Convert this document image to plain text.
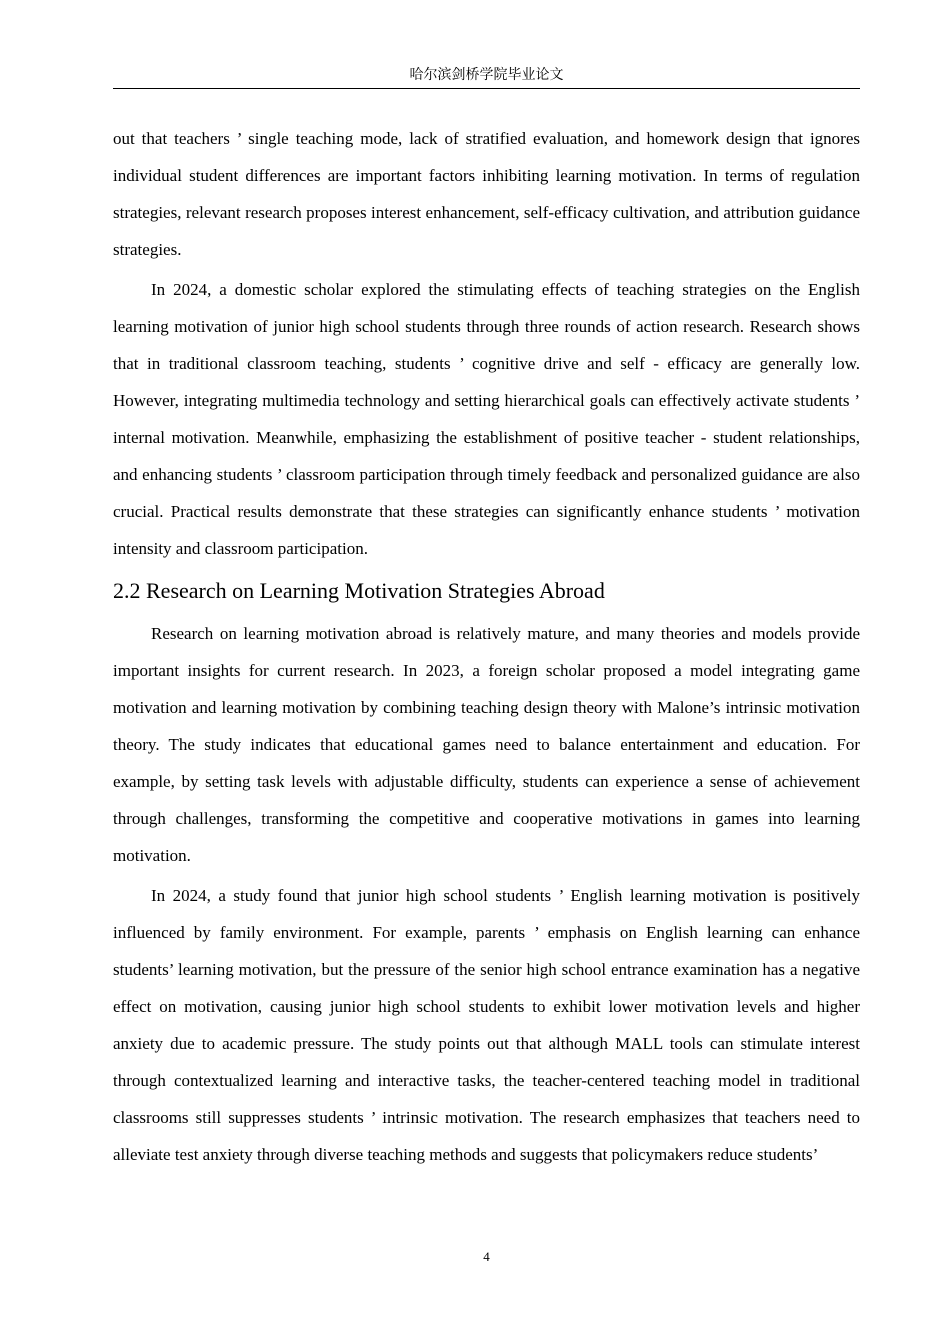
哈尔滨剑桥学院毕业论文

out that teachers ’ single teaching mode, lack of stratified evaluation, and homework design that ignores individual student differences are important factors inhibiting learning motivation. In terms of regulation strategies, relevant research proposes interest enhancement, self-efficacy cultivation, and attribution guidance strategies.

In 2024, a domestic scholar explored the stimulating effects of teaching strategies on the English learning motivation of junior high school students through three rounds of action research. Research shows that in traditional classroom teaching, students ’ cognitive drive and self - efficacy are generally low. However, integrating multimedia technology and setting hierarchical goals can effectively activate students ’ internal motivation. Meanwhile, emphasizing the establishment of positive teacher - student relationships, and enhancing students ’ classroom participation through timely feedback and personalized guidance are also crucial. Practical results demonstrate that these strategies can significantly enhance students ’ motivation intensity and classroom participation.

2.2 Research on Learning Motivation Strategies Abroad

Research on learning motivation abroad is relatively mature, and many theories and models provide important insights for current research. In 2023, a foreign scholar proposed a model integrating game motivation and learning motivation by combining teaching design theory with Malone’s intrinsic motivation theory. The study indicates that educational games need to balance entertainment and education. For example, by setting task levels with adjustable difficulty, students can experience a sense of achievement through challenges, transforming the competitive and cooperative motivations in games into learning motivation.

In 2024, a study found that junior high school students ’ English learning motivation is positively influenced by family environment. For example, parents ’ emphasis on English learning can enhance students’ learning motivation, but the pressure of the senior high school entrance examination has a negative effect on motivation, causing junior high school students to exhibit lower motivation levels and higher anxiety due to academic pressure. The study points out that although MALL tools can stimulate interest through contextualized learning and interactive tasks, the teacher-centered teaching model in traditional classrooms still suppresses students ’ intrinsic motivation. The research emphasizes that teachers need to alleviate test anxiety through diverse teaching methods and suggests that policymakers reduce students’

4
